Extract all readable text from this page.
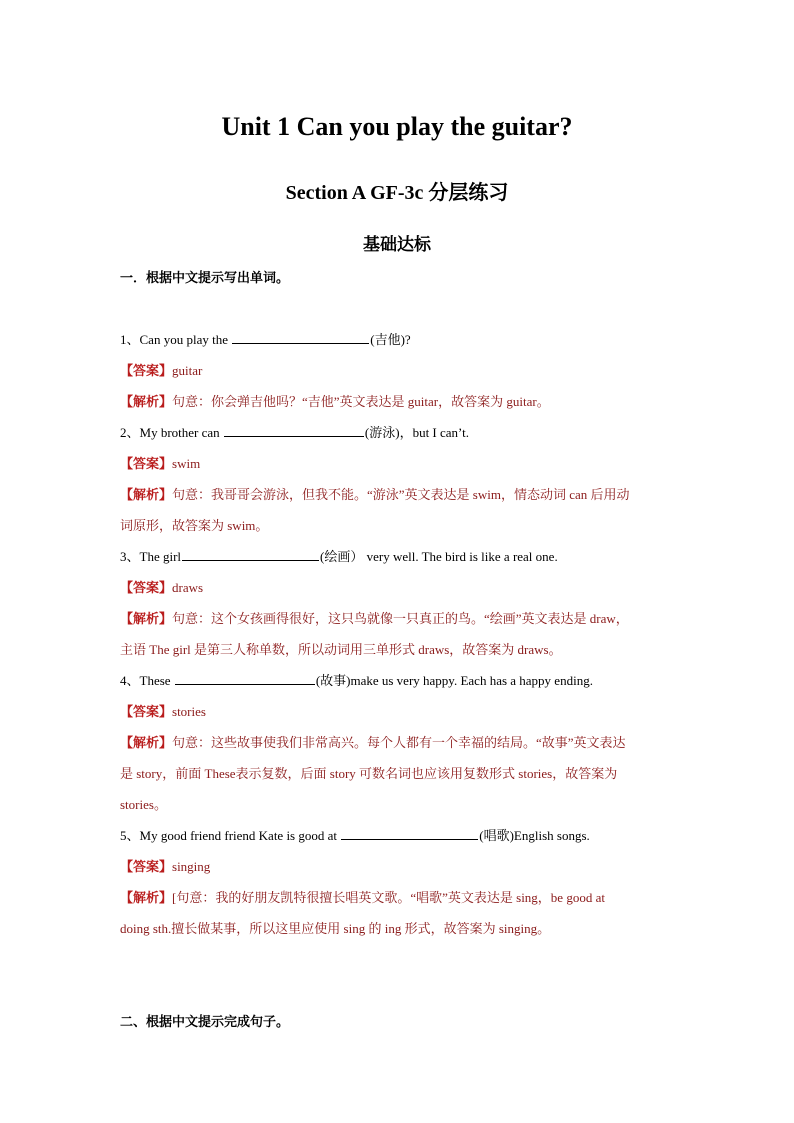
Unit 1 Can you play the guitar?
Section A GF-3c 分层练习
基础达标

一．根据中文提示写出单词。

1、Can you play the	(吉他)?

【答案】guitar

【解析】句意：你会弹吉他吗？“吉他”英文表达是 guitar，故答案为 guitar。

2、My brother can	(游泳)，but I can’t.

【答案】swim

【解析】句意：我哥哥会游泳，但我不能。“游泳”英文表达是 swim，情态动词 can 后用动

词原形，故答案为 swim。

3、The girl	(绘画） very well. The bird is like a real one.

【答案】draws

【解析】句意：这个女孩画得很好，这只鸟就像一只真正的鸟。“绘画”英文表达是 draw，

主语 The girl 是第三人称单数，所以动词用三单形式 draws，故答案为 draws。

4、These	(故事)make us very happy. Each has a happy ending.

【答案】stories

【解析】句意：这些故事使我们非常高兴。每个人都有一个幸福的结局。“故事”英文表达

是 story，前面 These表示复数，后面 story 可数名词也应该用复数形式 stories，故答案为

stories。

5、My good friend friend Kate is good at	(唱歌)English songs.

【答案】singing

【解析】[句意：我的好朋友凯特很擅长唱英文歌。“唱歌”英文表达是 sing，be good at

doing sth.擅长做某事，所以这里应使用 sing 的 ing 形式，故答案为 singing。

二、根据中文提示完成句子。
